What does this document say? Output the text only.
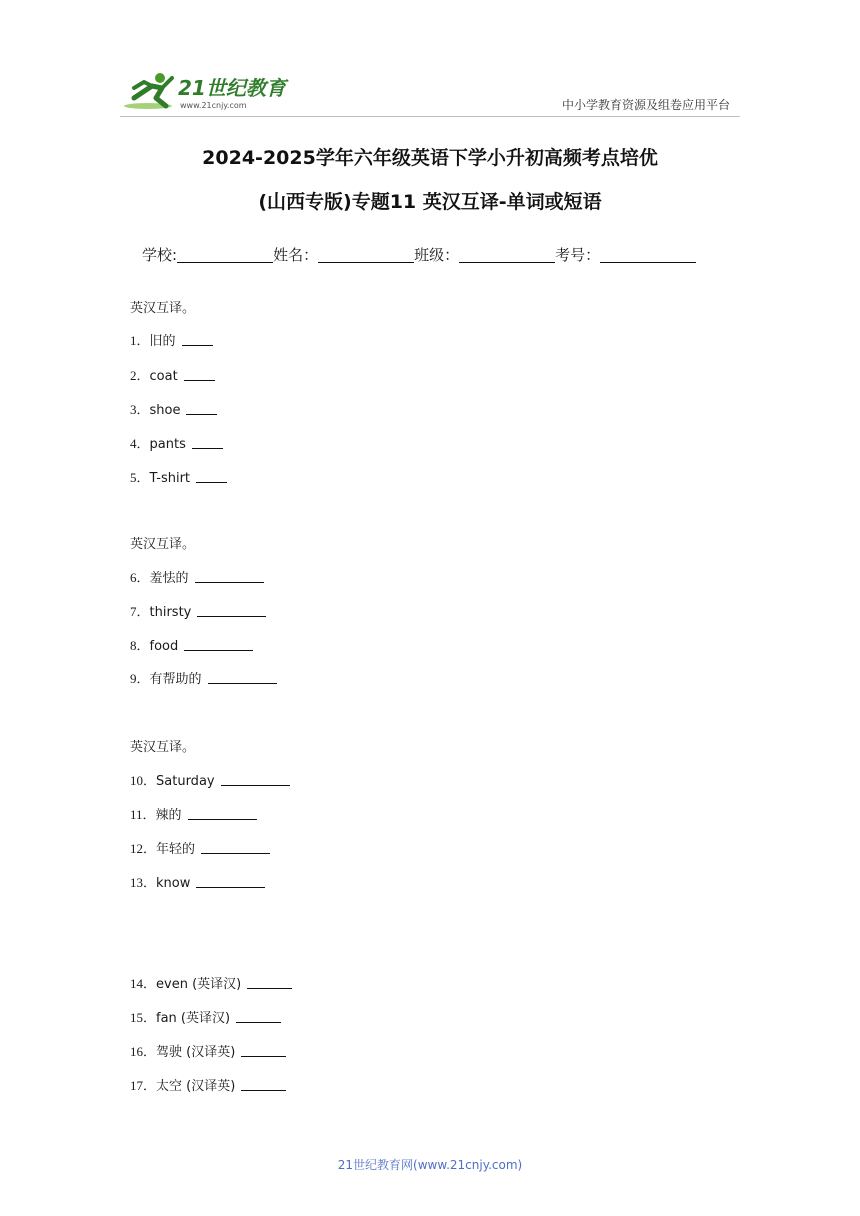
21世纪教育
www.21cnjy.com	中小学教育资源及组卷应用平台
2024-2025学年六年级英语下学小升初高频考点培优
(山西专版)专题11 英汉互译-单词或短语
学校:	姓名：	班级：	考号：
英汉互译。
1．旧的
2．coat
3．shoe
4．pants
5．T-shirt
英汉互译。
6．羞怯的
7．thirsty
8．food
9．有帮助的
英汉互译。
10．Saturday
11．辣的
12．年轻的
13．know
14．even (英译汉)
15．fan (英译汉)
16．驾驶 (汉译英)
17．太空 (汉译英)
21世纪教育网(www.21cnjy.com)
